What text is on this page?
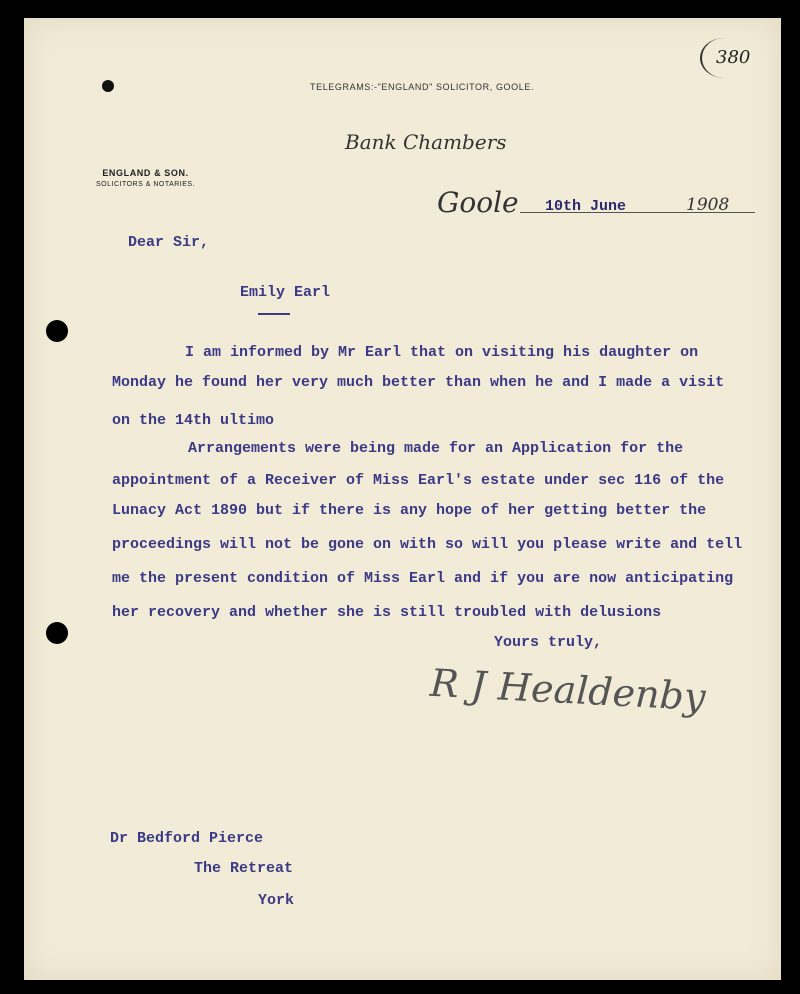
380
TELEGRAMS:-"ENGLAND" SOLICITOR, GOOLE.
ENGLAND & SON.
SOLICITORS & NOTARIES.
Bank Chambers
Goole 10th June	1908
Dear Sir,
Emily Earl
I am informed by Mr Earl that on visiting his daughter on
Monday he found her very much better than when he and I made a visit
on the 14th ultimo
Arrangements were being made for an Application for the
appointment of a Receiver of Miss Earl's estate under sec 116 of the
Lunacy Act 1890 but if there is any hope of her getting better the
proceedings will not be gone on with so will you please write and tell
me the present condition of Miss Earl and if you are now anticipating
her recovery and whether she is still troubled with delusions
Yours truly,
R J Healdenby
Dr Bedford Pierce
The Retreat
York
